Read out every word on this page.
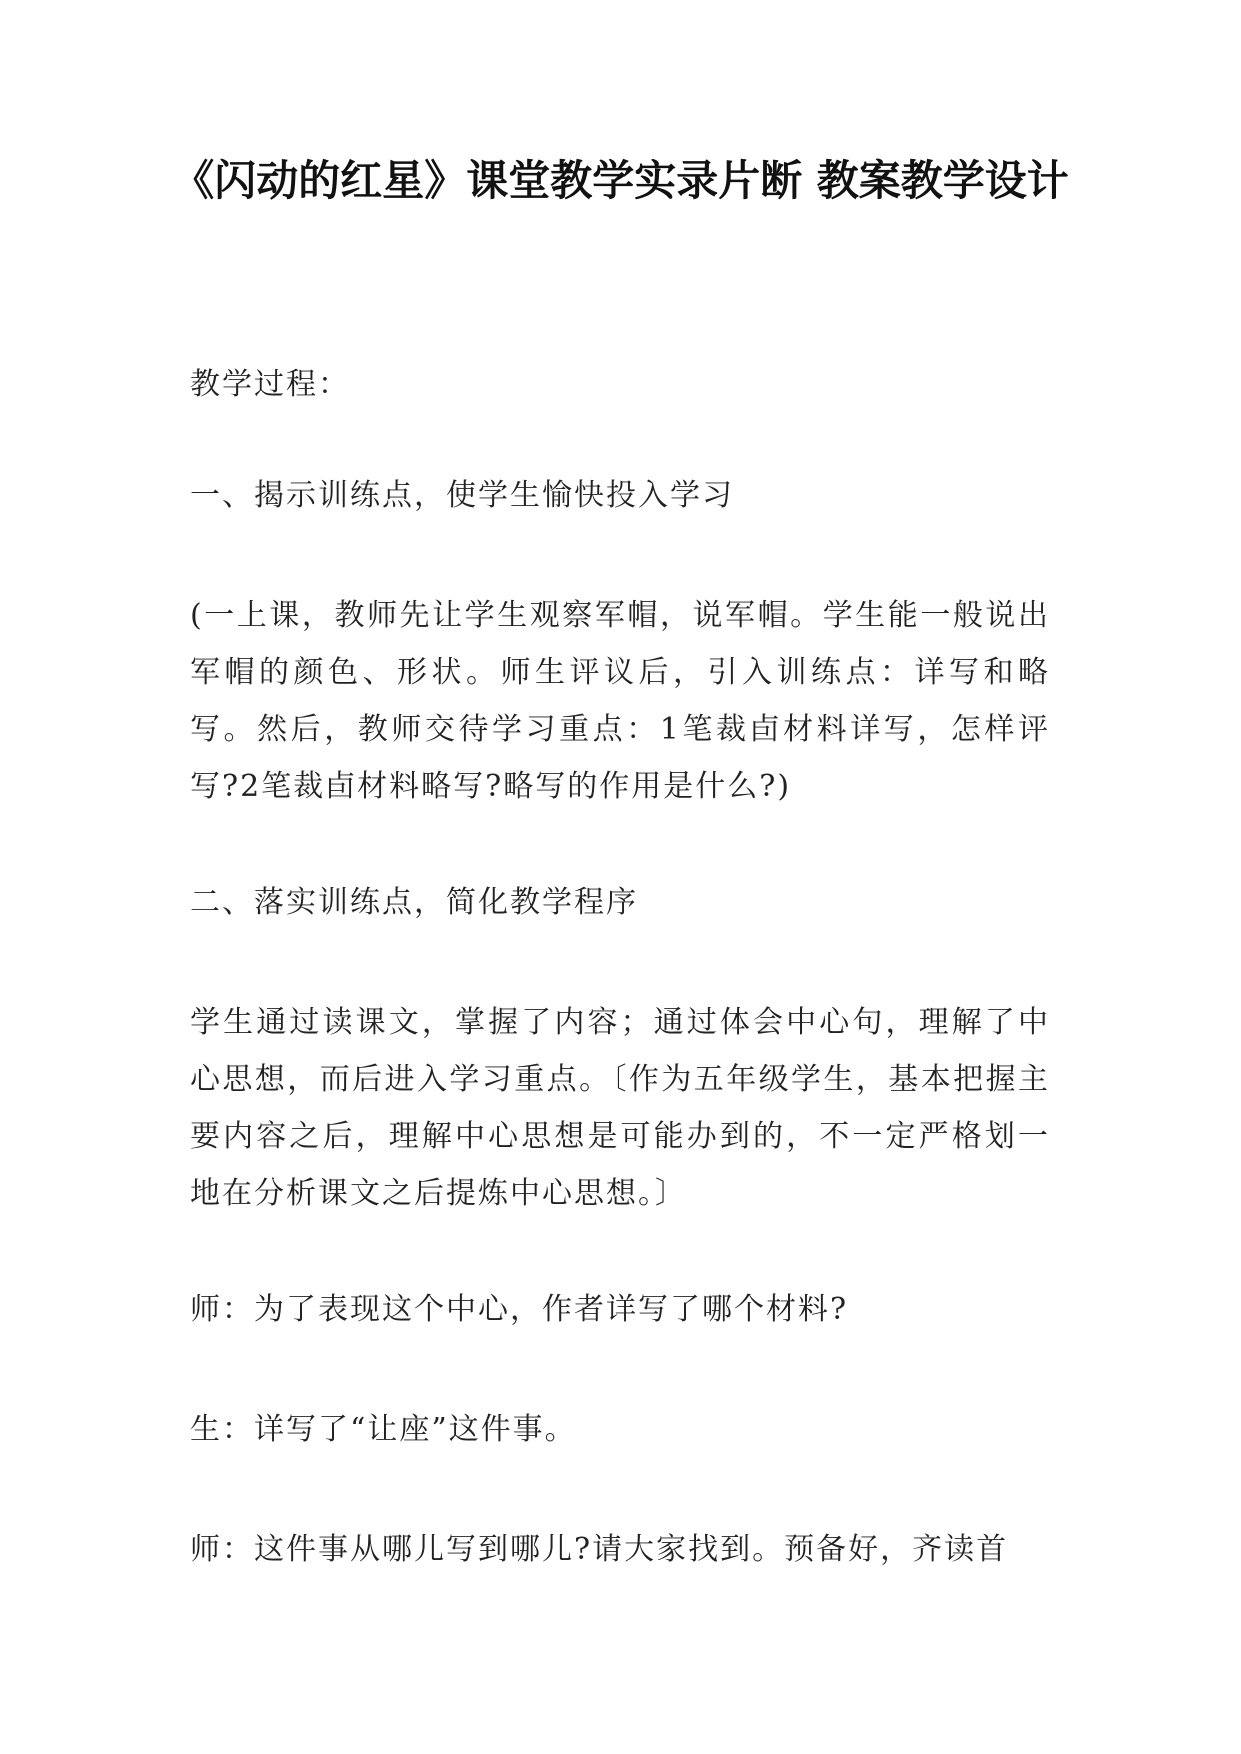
《闪动的红星》课堂教学实录片断 教案教学设计

教学过程：

一、揭示训练点，使学生愉快投入学习

(一上课，教师先让学生观察军帽，说军帽。学生能一般说出军帽的颜色、形状。师生评议后，引入训练点：详写和略写。然后，教师交待学习重点：1笔裁卣材料详写，怎样评写?2笔裁卣材料略写?略写的作用是什么?)

二、落实训练点，简化教学程序

学生通过读课文，掌握了内容；通过体会中心句，理解了中心思想，而后进入学习重点。〔作为五年级学生，基本把握主要内容之后，理解中心思想是可能办到的，不一定严格划一地在分析课文之后提炼中心思想。〕

师：为了表现这个中心，作者详写了哪个材料?

生：详写了“让座”这件事。

师：这件事从哪儿写到哪儿?请大家找到。预备好，齐读首
